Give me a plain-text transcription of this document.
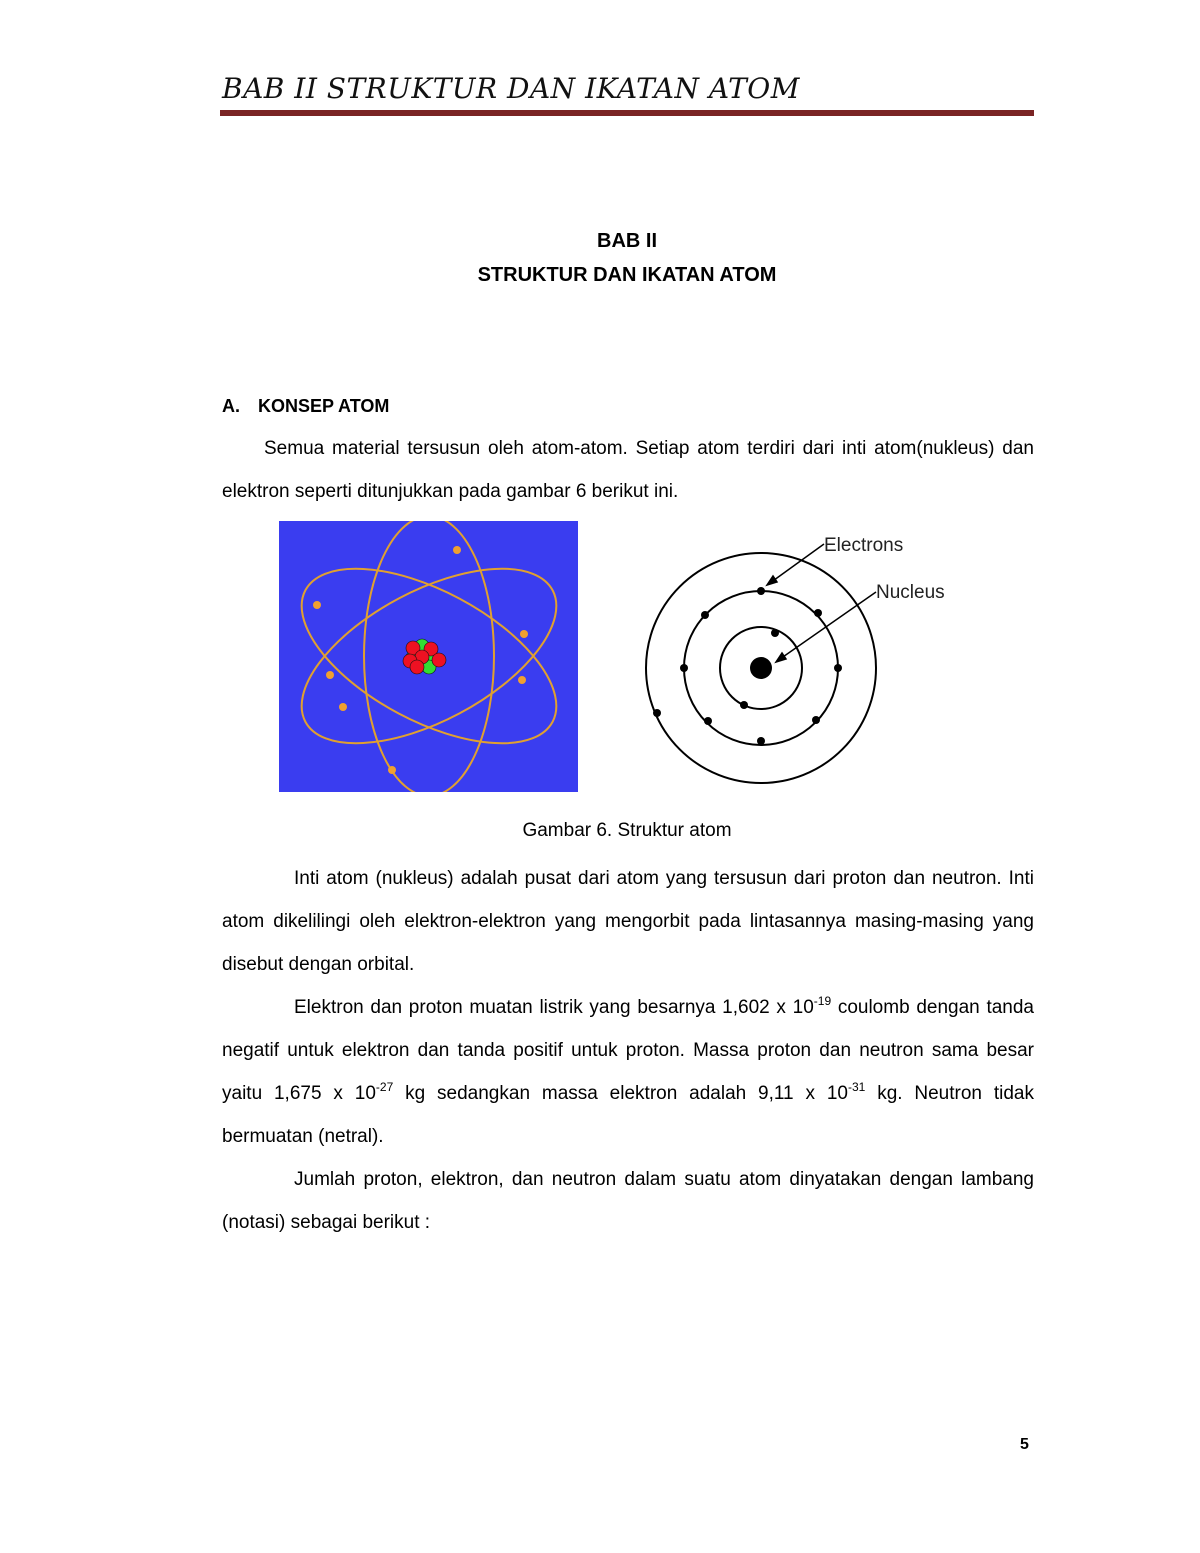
BAB II STRUKTUR DAN IKATAN ATOM
BAB II
STRUKTUR DAN IKATAN ATOM
A. KONSEP ATOM

Semua material tersusun oleh atom-atom. Setiap atom terdiri dari inti atom(nukleus) dan elektron seperti ditunjukkan pada gambar 6 berikut ini.

Electrons
Nucleus
Gambar 6. Struktur atom

Inti atom (nukleus) adalah pusat dari atom yang tersusun dari proton dan neutron. Inti atom dikelilingi oleh elektron-elektron yang mengorbit pada lintasannya masing-masing yang disebut dengan orbital.

Elektron dan proton muatan listrik yang besarnya 1,602 x $10^{-19}$ coulomb dengan tanda negatif untuk elektron dan tanda positif untuk proton. Massa proton dan neutron sama besar yaitu 1,675 x $10^{-27}$ kg sedangkan massa elektron adalah 9,11 x $10^{-31}$ kg. Neutron tidak bermuatan (netral).

Jumlah proton, elektron, dan neutron dalam suatu atom dinyatakan dengan lambang (notasi) sebagai berikut :

5
